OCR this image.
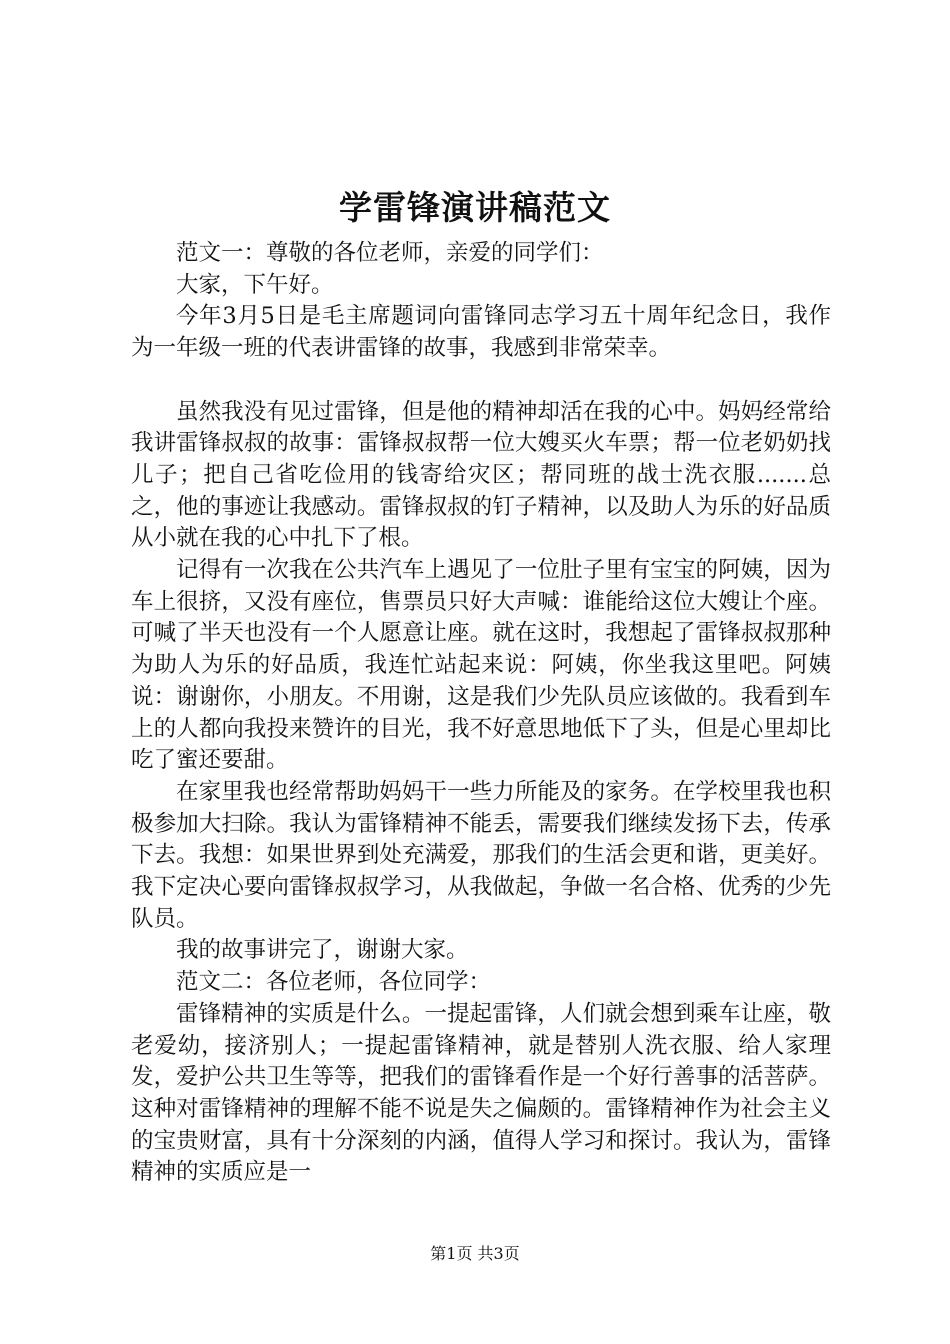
学雷锋演讲稿范文

范文一：尊敬的各位老师，亲爱的同学们：

大家，下午好。

今年3月5日是毛主席题词向雷锋同志学习五十周年纪念日，我作为一年级一班的代表讲雷锋的故事，我感到非常荣幸。

虽然我没有见过雷锋，但是他的精神却活在我的心中。妈妈经常给我讲雷锋叔叔的故事：雷锋叔叔帮一位大嫂买火车票；帮一位老奶奶找儿子；把自己省吃俭用的钱寄给灾区；帮同班的战士洗衣服.......总之，他的事迹让我感动。雷锋叔叔的钉子精神，以及助人为乐的好品质从小就在我的心中扎下了根。

记得有一次我在公共汽车上遇见了一位肚子里有宝宝的阿姨，因为车上很挤，又没有座位，售票员只好大声喊：谁能给这位大嫂让个座。可喊了半天也没有一个人愿意让座。就在这时，我想起了雷锋叔叔那种为助人为乐的好品质，我连忙站起来说：阿姨，你坐我这里吧。阿姨说：谢谢你，小朋友。不用谢，这是我们少先队员应该做的。我看到车上的人都向我投来赞许的目光，我不好意思地低下了头，但是心里却比吃了蜜还要甜。

在家里我也经常帮助妈妈干一些力所能及的家务。在学校里我也积极参加大扫除。我认为雷锋精神不能丢，需要我们继续发扬下去，传承下去。我想：如果世界到处充满爱，那我们的生活会更和谐，更美好。我下定决心要向雷锋叔叔学习，从我做起，争做一名合格、优秀的少先队员。

我的故事讲完了，谢谢大家。

范文二：各位老师，各位同学：

雷锋精神的实质是什么。一提起雷锋，人们就会想到乘车让座，敬老爱幼，接济别人；一提起雷锋精神，就是替别人洗衣服、给人家理发，爱护公共卫生等等，把我们的雷锋看作是一个好行善事的活菩萨。这种对雷锋精神的理解不能不说是失之偏颇的。雷锋精神作为社会主义的宝贵财富，具有十分深刻的内涵，值得人学习和探讨。我认为，雷锋精神的实质应是一

第1页 共3页
